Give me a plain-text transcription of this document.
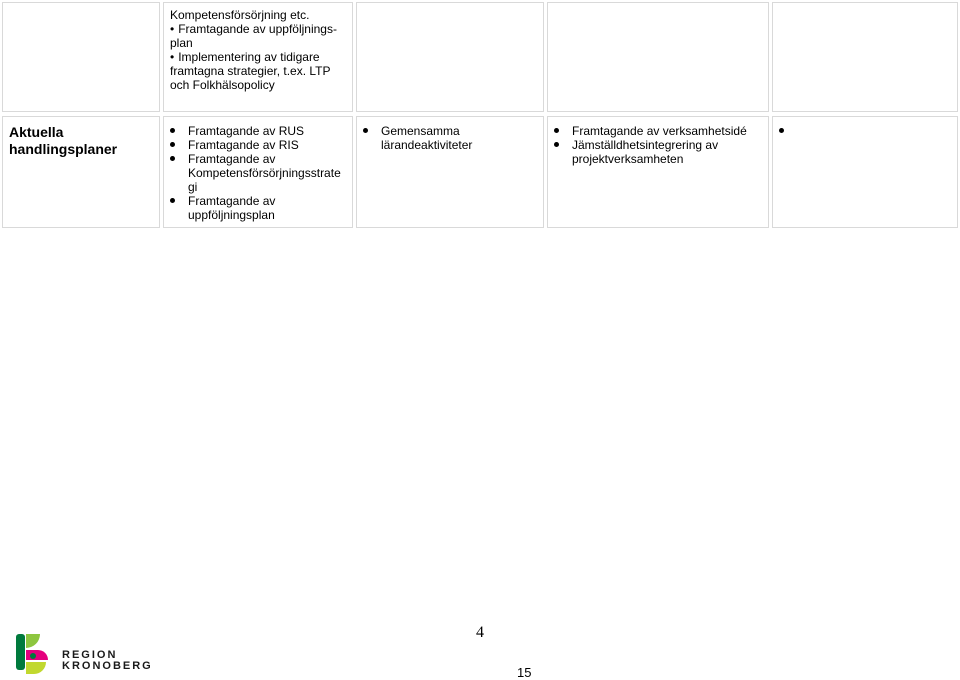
Kompetensförsörjning etc.
• Framtagande av uppföljnings-
plan
• Implementering av tidigare
framtagna strategier, t.ex. LTP
och Folkhälsopolicy
Aktuella
handlingsplaner
Framtagande av RUS
Framtagande av RIS
Framtagande av Kompetensförsörjningsstrategi
Framtagande av uppföljningsplan
Gemensamma lärandeaktiviteter
Framtagande av verksamhetsidé
Jämställdhetsintegrering av projektverksamheten
REGION
KRONOBERG
4
15
